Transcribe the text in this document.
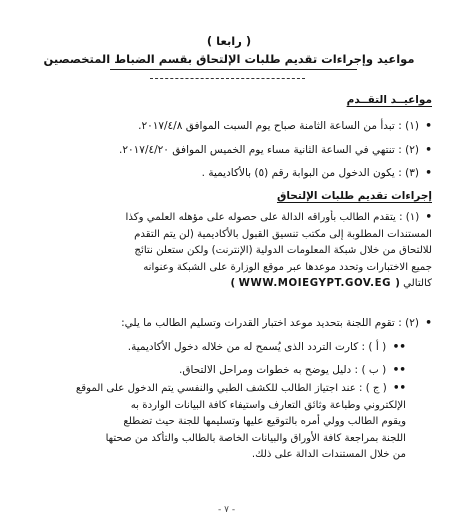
( رابعا )
مواعيد وإجراءات تقديم طلبات الإلتحاق بقسم الضباط المتخصصين
مواعيــد التقــدم
• (١) : تبدأ من الساعة الثامنة صباح يوم السبت الموافق ٢٠١٧/٤/٨.
• (٢) : تنتهي في الساعة الثانية مساء يوم الخميس الموافق ٢٠١٧/٤/٢٠.
• (٣) : يكون الدخول من البوابة رقم (٥) بالأكاديمية .
إجراءات تقديم طلبات الإلتحاق
• (١) : يتقدم الطالب بأوراقه الدالة على حصوله على مؤهله العلمي وكذا
المستندات المطلوبة إلى مكتب تنسيق القبول بالأكاديمية (لن يتم التقدم
للالتحاق من خلال شبكة المعلومات الدولية (الإنترنت) ولكن ستعلن نتائج
جميع الاختبارات وتحدد موعدها عبر موقع الوزارة على الشبكة وعنوانه
كالتالي ( WWW.MOIEGYPT.GOV.EG )
• (٢) : تقوم اللجنة بتحديد موعد اختبار القدرات وتسليم الطالب ما يلي:
•• ( أ ) : كارت التردد الذى يُسمح له من خلاله دخول الأكاديمية.
•• ( ب ) : دليل يوضح به خطوات ومراحل الالتحاق.
•• ( ج ) : عند اجتياز الطالب للكشف الطبي والنفسي يتم الدخول على الموقع
الإلكتروني وطباعة وثائق التعارف واستيفاء كافة البيانات الواردة به
ويقوم الطالب وولي أمره بالتوقيع عليها وتسليمها للجنة حيث تضطلع
اللجنة بمراجعة كافة الأوراق والبيانات الخاصة بالطالب والتأكد من صحتها
من خلال المستندات الدالة على ذلك.
- ٧ -
